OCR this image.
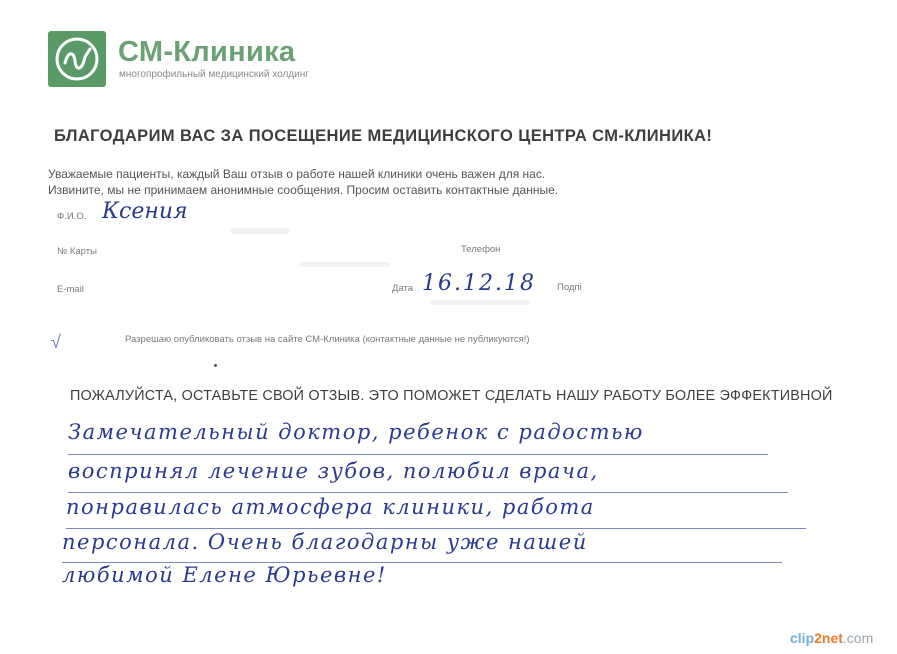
СМ-Клиника
многопрофильный медицинский холдинг
БЛАГОДАРИМ ВАС ЗА ПОСЕЩЕНИЕ МЕДИЦИНСКОГО ЦЕНТРА СМ-КЛИНИКА!
Уважаемые пациенты, каждый Ваш отзыв о работе нашей клиники очень важен для нас.
Извините, мы не принимаем анонимные сообщения. Просим оставить контактные данные.
Ф.И.О. Ксения
№ Карты	Телефон
E-mail	Дата 16.12.18 Подпі
√	Разрешаю опубликовать отзыв на сайте СМ-Клиника (контактные данные не публикуются!)
ПОЖАЛУЙСТА, ОСТАВЬТЕ СВОЙ ОТЗЫВ. ЭТО ПОМОЖЕТ СДЕЛАТЬ НАШУ РАБОТУ БОЛЕЕ ЭФФЕКТИВНОЙ
Замечательный доктор, ребенок с радостью
воспринял лечение зубов, полюбил врача,
понравилась атмосфера клиники, работа
персонала. Очень благодарны уже нашей
любимой Елене Юрьевне!
clip2net.com
